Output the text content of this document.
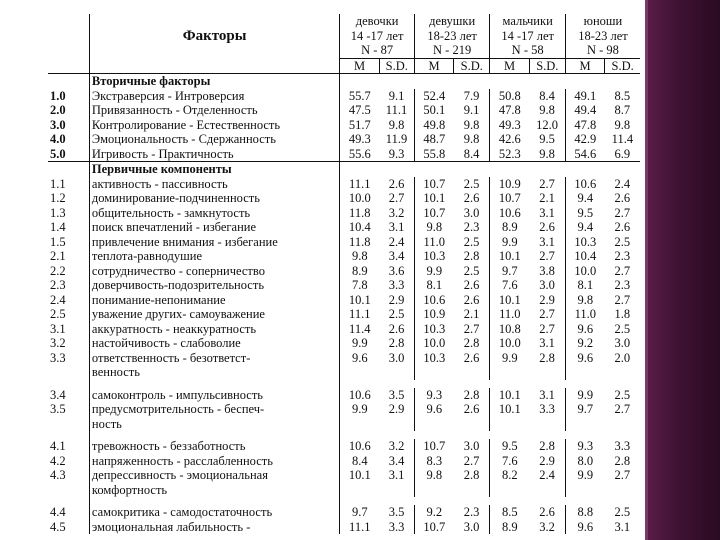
	Факторы	девочки		девушки		мальчики		юноши	
		14 -17 лет		18-23 лет		14 -17 лет		18-23 лет	
		N - 87		N - 219		N - 58		N - 98	
		M	S.D.	M	S.D.	M	S.D.	M	S.D.
	Вторичные факторы								
1.0	Экстраверсия - Интроверсия	55.7	9.1	52.4	7.9	50.8	8.4	49.1	8.5
2.0	Привязанность - Отделенность	47.5	11.1	50.1	9.1	47.8	9.8	49.4	8.7
3.0	Контролирование - Естественность	51.7	9.8	49.8	9.8	49.3	12.0	47.8	9.8
4.0	Эмоциональность - Сдержанность	49.3	11.9	48.7	9.8	42.6	9.5	42.9	11.4
5.0	Игривость - Практичность	55.6	9.3	55.8	8.4	52.3	9.8	54.6	6.9
	Первичные компоненты								
1.1	активность - пассивность	11.1	2.6	10.7	2.5	10.9	2.7	10.6	2.4
1.2	доминирование-подчиненность	10.0	2.7	10.1	2.6	10.7	2.1	9.4	2.6
1.3	общительность - замкнутость	11.8	3.2	10.7	3.0	10.6	3.1	9.5	2.7
1.4	поиск впечатлений - избегание	10.4	3.1	9.8	2.3	8.9	2.6	9.4	2.6
1.5	привлечение внимания - избегание	11.8	2.4	11.0	2.5	9.9	3.1	10.3	2.5
2.1	теплота-равнодушие	9.8	3.4	10.3	2.8	10.1	2.7	10.4	2.3
2.2	сотрудничество - соперничество	8.9	3.6	9.9	2.5	9.7	3.8	10.0	2.7
2.3	доверчивость-подозрительность	7.8	3.3	8.1	2.6	7.6	3.0	8.1	2.3
2.4	понимание-непонимание	10.1	2.9	10.6	2.6	10.1	2.9	9.8	2.7
2.5	уважение других- самоуважение	11.1	2.5	10.9	2.1	11.0	2.7	11.0	1.8
3.1	аккуратность - неаккуратность	11.4	2.6	10.3	2.7	10.8	2.7	9.6	2.5
3.2	настойчивость - слабоволие	9.9	2.8	10.0	2.8	10.0	3.1	9.2	3.0
3.3	ответственность - безответст-	9.6	3.0	10.3	2.6	9.9	2.8	9.6	2.0
	венность								

3.4	самоконтроль - импульсивность	10.6	3.5	9.3	2.8	10.1	3.1	9.9	2.5
3.5	предусмотрительность - беспеч-	9.9	2.9	9.6	2.6	10.1	3.3	9.7	2.7
	ность								

4.1	тревожность - беззаботность	10.6	3.2	10.7	3.0	9.5	2.8	9.3	3.3
4.2	напряженность - расслабленность	8.4	3.4	8.3	2.7	7.6	2.9	8.0	2.8
4.3	депрессивность - эмоциональная	10.1	3.1	9.8	2.8	8.2	2.4	9.9	2.7
	комфортность								

4.4	самокритика - самодостаточность	9.7	3.5	9.2	2.3	8.5	2.6	8.8	2.5
4.5	эмоциональная лабильность -	11.1	3.3	10.7	3.0	8.9	3.2	9.6	3.1
